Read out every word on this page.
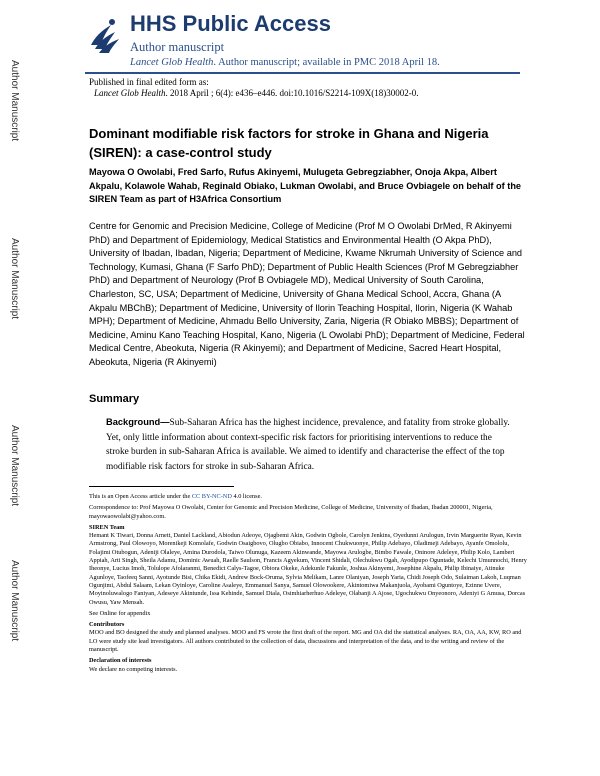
Author Manuscript
Author Manuscript
Author Manuscript
Author Manuscript
HHS Public Access
Author manuscript
Lancet Glob Health. Author manuscript; available in PMC 2018 April 18.
Published in final edited form as:
Lancet Glob Health. 2018 April ; 6(4): e436–e446. doi:10.1016/S2214-109X(18)30002-0.
Dominant modifiable risk factors for stroke in Ghana and Nigeria (SIREN): a case-control study
Mayowa O Owolabi, Fred Sarfo, Rufus Akinyemi, Mulugeta Gebregziabher, Onoja Akpa, Albert Akpalu, Kolawole Wahab, Reginald Obiako, Lukman Owolabi, and Bruce Ovbiagele on behalf of the SIREN Team as part of H3Africa Consortium
Centre for Genomic and Precision Medicine, College of Medicine (Prof M O Owolabi DrMed, R Akinyemi PhD) and Department of Epidemiology, Medical Statistics and Environmental Health (O Akpa PhD), University of Ibadan, Ibadan, Nigeria; Department of Medicine, Kwame Nkrumah University of Science and Technology, Kumasi, Ghana (F Sarfo PhD); Department of Public Health Sciences (Prof M Gebregziabher PhD) and Department of Neurology (Prof B Ovbiagele MD), Medical University of South Carolina, Charleston, SC, USA; Department of Medicine, University of Ghana Medical School, Accra, Ghana (A Akpalu MBChB); Department of Medicine, University of Ilorin Teaching Hospital, Ilorin, Nigeria (K Wahab MPH); Department of Medicine, Ahmadu Bello University, Zaria, Nigeria (R Obiako MBBS); Department of Medicine, Aminu Kano Teaching Hospital, Kano, Nigeria (L Owolabi PhD); Department of Medicine, Federal Medical Centre, Abeokuta, Nigeria (R Akinyemi); and Department of Medicine, Sacred Heart Hospital, Abeokuta, Nigeria (R Akinyemi)
Summary
Background—Sub-Saharan Africa has the highest incidence, prevalence, and fatality from stroke globally. Yet, only little information about context-specific risk factors for prioritising interventions to reduce the stroke burden in sub-Saharan Africa is available. We aimed to identify and characterise the effect of the top modifiable risk factors for stroke in sub-Saharan Africa.

This is an Open Access article under the CC BY-NC-ND 4.0 license.

Correspondence to: Prof Mayowa O Owolabi, Center for Genomic and Precision Medicine, College of Medicine, University of Ibadan, Ibadan 200001, Nigeria, mayowaowolabi@yahoo.com.

SIREN Team

Hemant K Tiwari, Donna Arnett, Daniel Lackland, Abiodun Adeoye, Ojagbemi Akin, Godwin Ogbole, Carolyn Jenkins, Oyedunni Arulogun, Irvin Marguerite Ryan, Kevin Armstrong, Paul Olowoyo, Morenikeji Komolafe, Godwin Osaigbovo, Olugbo Obiabo, Innocent Chukwuonye, Philip Adebayo, Oladimeji Adebayo, Ayanfe Omololu, Folajimi Otubogun, Adeniji Olaleye, Amina Durodola, Taiwo Olunuga, Kazeem Akinwande, Mayowa Arulogbe, Bimbo Fawale, Oninore Adeleye, Philip Kolo, Lambert Appiah, Arti Singh, Sheila Adamu, Dominic Awuah, Raelle Saulson, Francis Agyekum, Vincent Shidali, Olechukwu Ogah, Ayodipupo Oguntade, Kelechi Umunnochi, Henry Iheonye, Lucius Imoh, Tolulope Afolaranmi, Benedict Calys-Tagoe, Obiora Okeke, Adekunle Fakunle, Joshua Akinyemi, Josephine Akpalu, Philip Ibinaiye, Atinuke Agunloye, Taofeeq Sanni, Ayotunde Bisi, Chika Ekidi, Andrew Bock-Oruma, Sylvia Melikam, Lanre Olaniyan, Joseph Yaria, Chidi Joseph Odo, Sulaiman Lakoh, Luqman Ogunjimi, Abdul Salaam, Lekan Oyinloye, Caroline Asaleye, Emmanuel Sanya, Samuel Olowookere, Akintomiwa Makanjuola, Ayobami Oguntoye, Ezinne Uvere, Moyinoluwalogo Faniyan, Adeseye Akintunde, Issa Kehinde, Samuel Diala, Osimhiarherhuo Adeleye, Olabanji A Ajose, Ugochukwu Onyeonoro, Adeniyi G Amusa, Dorcas Owusu, Yaw Mensah.

See Online for appendix

Contributors

MOO and BO designed the study and planned analyses. MOO and FS wrote the first draft of the report. MG and OA did the statistical analyses. RA, OA, AA, KW, RO and LO were study site lead investigators. All authors contributed to the collection of data, discussions and interpretation of the data, and to the writing and review of the manuscript.

Declaration of interests

We declare no competing interests.
